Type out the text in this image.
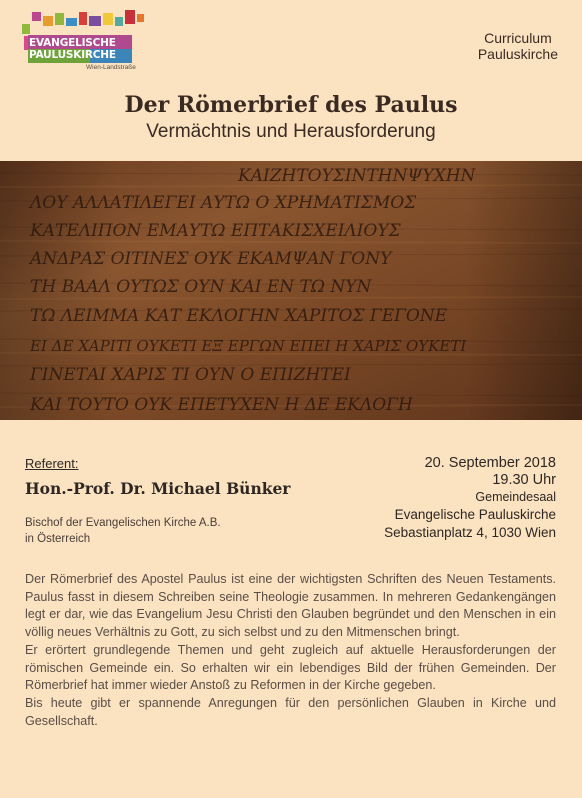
EVANGELISCHE
PAULUSKIRCHE
Wien-Landstraße
Curriculum
Pauluskirche
Der Römerbrief des Paulus
Vermächtnis und Herausforderung
ΚΑΙΖΗΤΟΥΣΙΝΤΗΝΨΥΧΗΝ
ΛΟΥ ΑΛΛΑΤΙΛΕΓΕΙ ΑΥΤΩ Ο ΧΡΗΜΑΤΙΣΜΟΣ
ΚΑΤΕΛΙΠΟΝ ΕΜΑΥΤΩ ΕΠΤΑΚΙΣΧΕΙΛΙΟΥΣ
ΑΝΔΡΑΣ ΟΙΤΙΝΕΣ ΟΥΚ ΕΚΑΜΨΑΝ ΓΟΝΥ
ΤΗ ΒΑΑΛ ΟΥΤΩΣ ΟΥΝ ΚΑΙ ΕΝ ΤΩ ΝΥΝ
ΤΩ ΛΕΙΜΜΑ ΚΑΤ ΕΚΛΟΓΗΝ ΧΑΡΙΤΟΣ ΓΕΓΟΝΕ
ΕΙ ΔΕ ΧΑΡΙΤΙ ΟΥΚΕΤΙ ΕΞ ΕΡΓΩΝ ΕΠΕΙ Η ΧΑΡΙΣ ΟΥΚΕΤΙ
ΓΙΝΕΤΑΙ ΧΑΡΙΣ ΤΙ ΟΥΝ Ο ΕΠΙΖΗΤΕΙ
ΚΑΙ ΤΟΥΤΟ ΟΥΚ ΕΠΕΤΥΧΕΝ Η ΔΕ ΕΚΛΟΓΗ
Referent:
Hon.-Prof. Dr. Michael Bünker
Bischof der Evangelischen Kirche A.B.
in Österreich
20. September 2018
19.30 Uhr
Gemeindesaal
Evangelische Pauluskirche
Sebastianplatz 4, 1030 Wien

Der Römerbrief des Apostel Paulus ist eine der wichtigsten Schriften des Neuen Testaments. Paulus fasst in diesem Schreiben seine Theologie zusammen. In mehreren Gedankengängen legt er dar, wie das Evangelium Jesu Christi den Glauben begründet und den Menschen in ein völlig neues Verhältnis zu Gott, zu sich selbst und zu den Mitmenschen bringt.

Er erörtert grundlegende Themen und geht zugleich auf aktuelle Herausforderungen der römischen Gemeinde ein. So erhalten wir ein lebendiges Bild der frühen Gemeinden. Der Römerbrief hat immer wieder Anstoß zu Reformen in der Kirche gegeben.

Bis heute gibt er spannende Anregungen für den persönlichen Glauben in Kirche und Gesellschaft.
